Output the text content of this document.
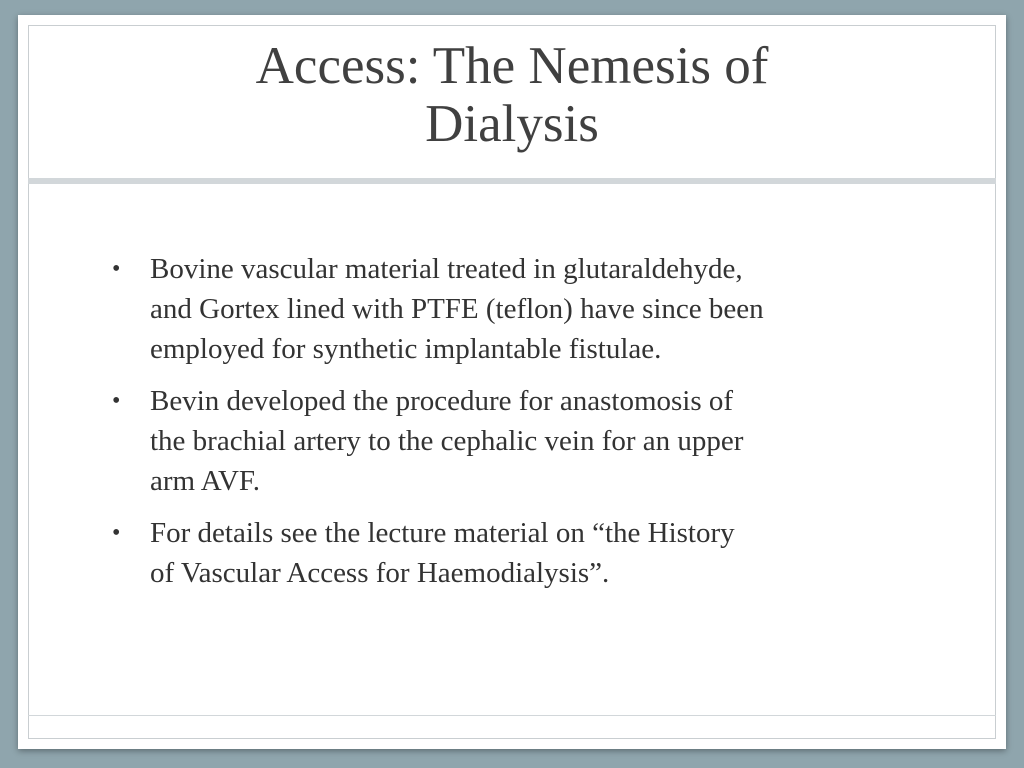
Access: The Nemesis of
Dialysis
• Bovine vascular material treated in glutaraldehyde,
and Gortex lined with PTFE (teflon) have since been
employed for synthetic implantable fistulae.
• Bevin developed the procedure for anastomosis of
the brachial artery to the cephalic vein for an upper
arm AVF.
• For details see the lecture material on “the History
of Vascular Access for Haemodialysis”.
